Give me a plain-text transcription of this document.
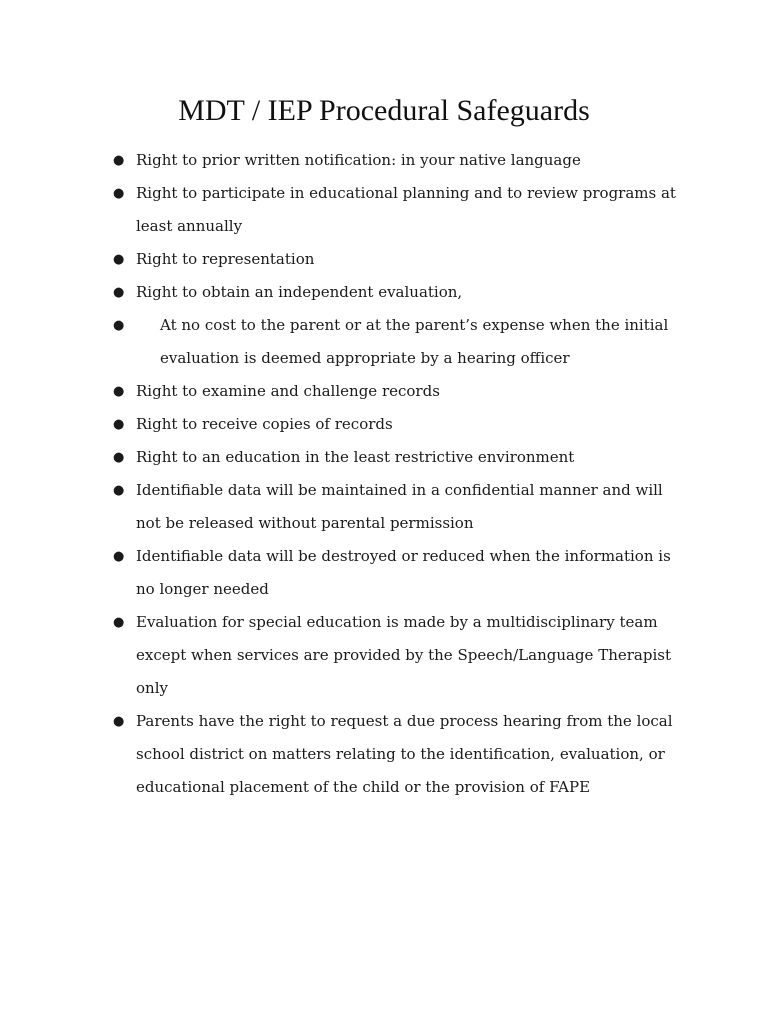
MDT / IEP Procedural Safeguards
● Right to prior written notification: in your native language
● Right to participate in educational planning and to review programs at least annually
● Right to representation
● Right to obtain an independent evaluation,
● At no cost to the parent or at the parent’s expense when the initial evaluation is deemed appropriate by a hearing officer
● Right to examine and challenge records
● Right to receive copies of records
● Right to an education in the least restrictive environment
● Identifiable data will be maintained in a confidential manner and will not be released without parental permission
● Identifiable data will be destroyed or reduced when the information is no longer needed
● Evaluation for special education is made by a multidisciplinary team except when services are provided by the Speech/Language Therapist only
● Parents have the right to request a due process hearing from the local school district on matters relating to the identification, evaluation, or educational placement of the child or the provision of FAPE
